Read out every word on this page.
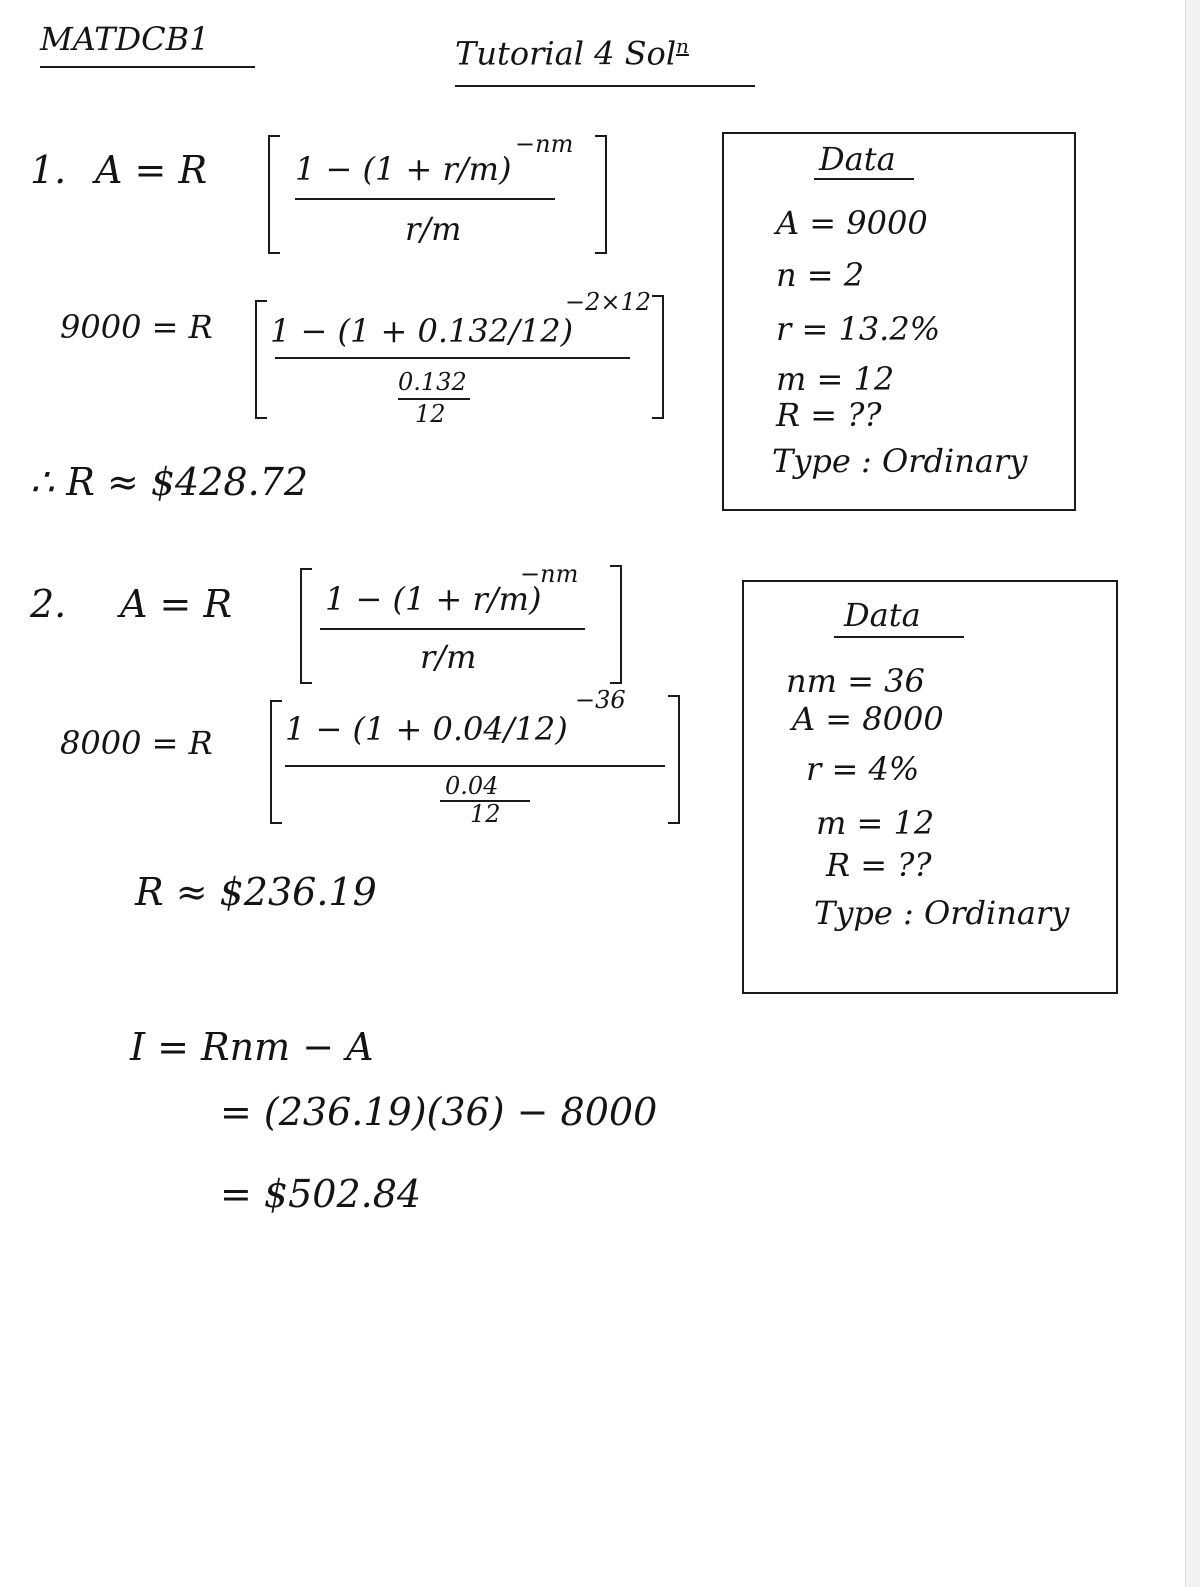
MATDCB1	Tutorial 4 Sol$^n$
1. A = R	1 − (1 + r/m)
−nm
r/m
9000 = R 1 − (1 + 0.132/12)
−2×12
0.132
12
∴ R ≈ $428.72
Data
A = 9000
n = 2
r = 13.2%
m = 12
R = ??
Type : Ordinary
2. A = R	1 − (1 + r/m)
−nm
r/m
8000 = R 1 − (1 + 0.04/12)
−36
0.04
12
R ≈ $236.19
I = Rnm − A
= (236.19)(36) − 8000
= $502.84
Data
nm = 36
A = 8000
r = 4%
m = 12
R = ??
Type : Ordinary
